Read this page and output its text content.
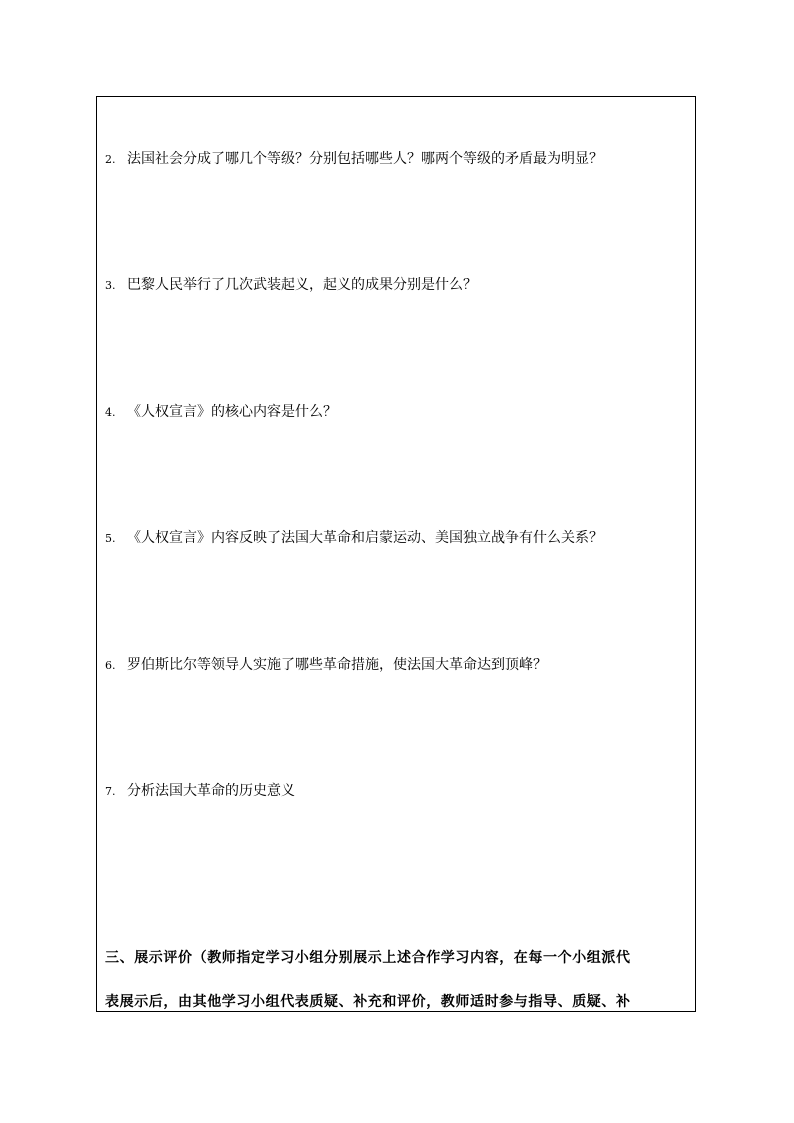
2. 法国社会分成了哪几个等级？分别包括哪些人？哪两个等级的矛盾最为明显？
3. 巴黎人民举行了几次武装起义，起义的成果分别是什么？
4. 《人权宣言》的核心内容是什么？
5. 《人权宣言》内容反映了法国大革命和启蒙运动、美国独立战争有什么关系？
6. 罗伯斯比尔等领导人实施了哪些革命措施，使法国大革命达到顶峰？
7. 分析法国大革命的历史意义
三、展示评价（教师指定学习小组分别展示上述合作学习内容，在每一个小组派代
表展示后，由其他学习小组代表质疑、补充和评价，教师适时参与指导、质疑、补
